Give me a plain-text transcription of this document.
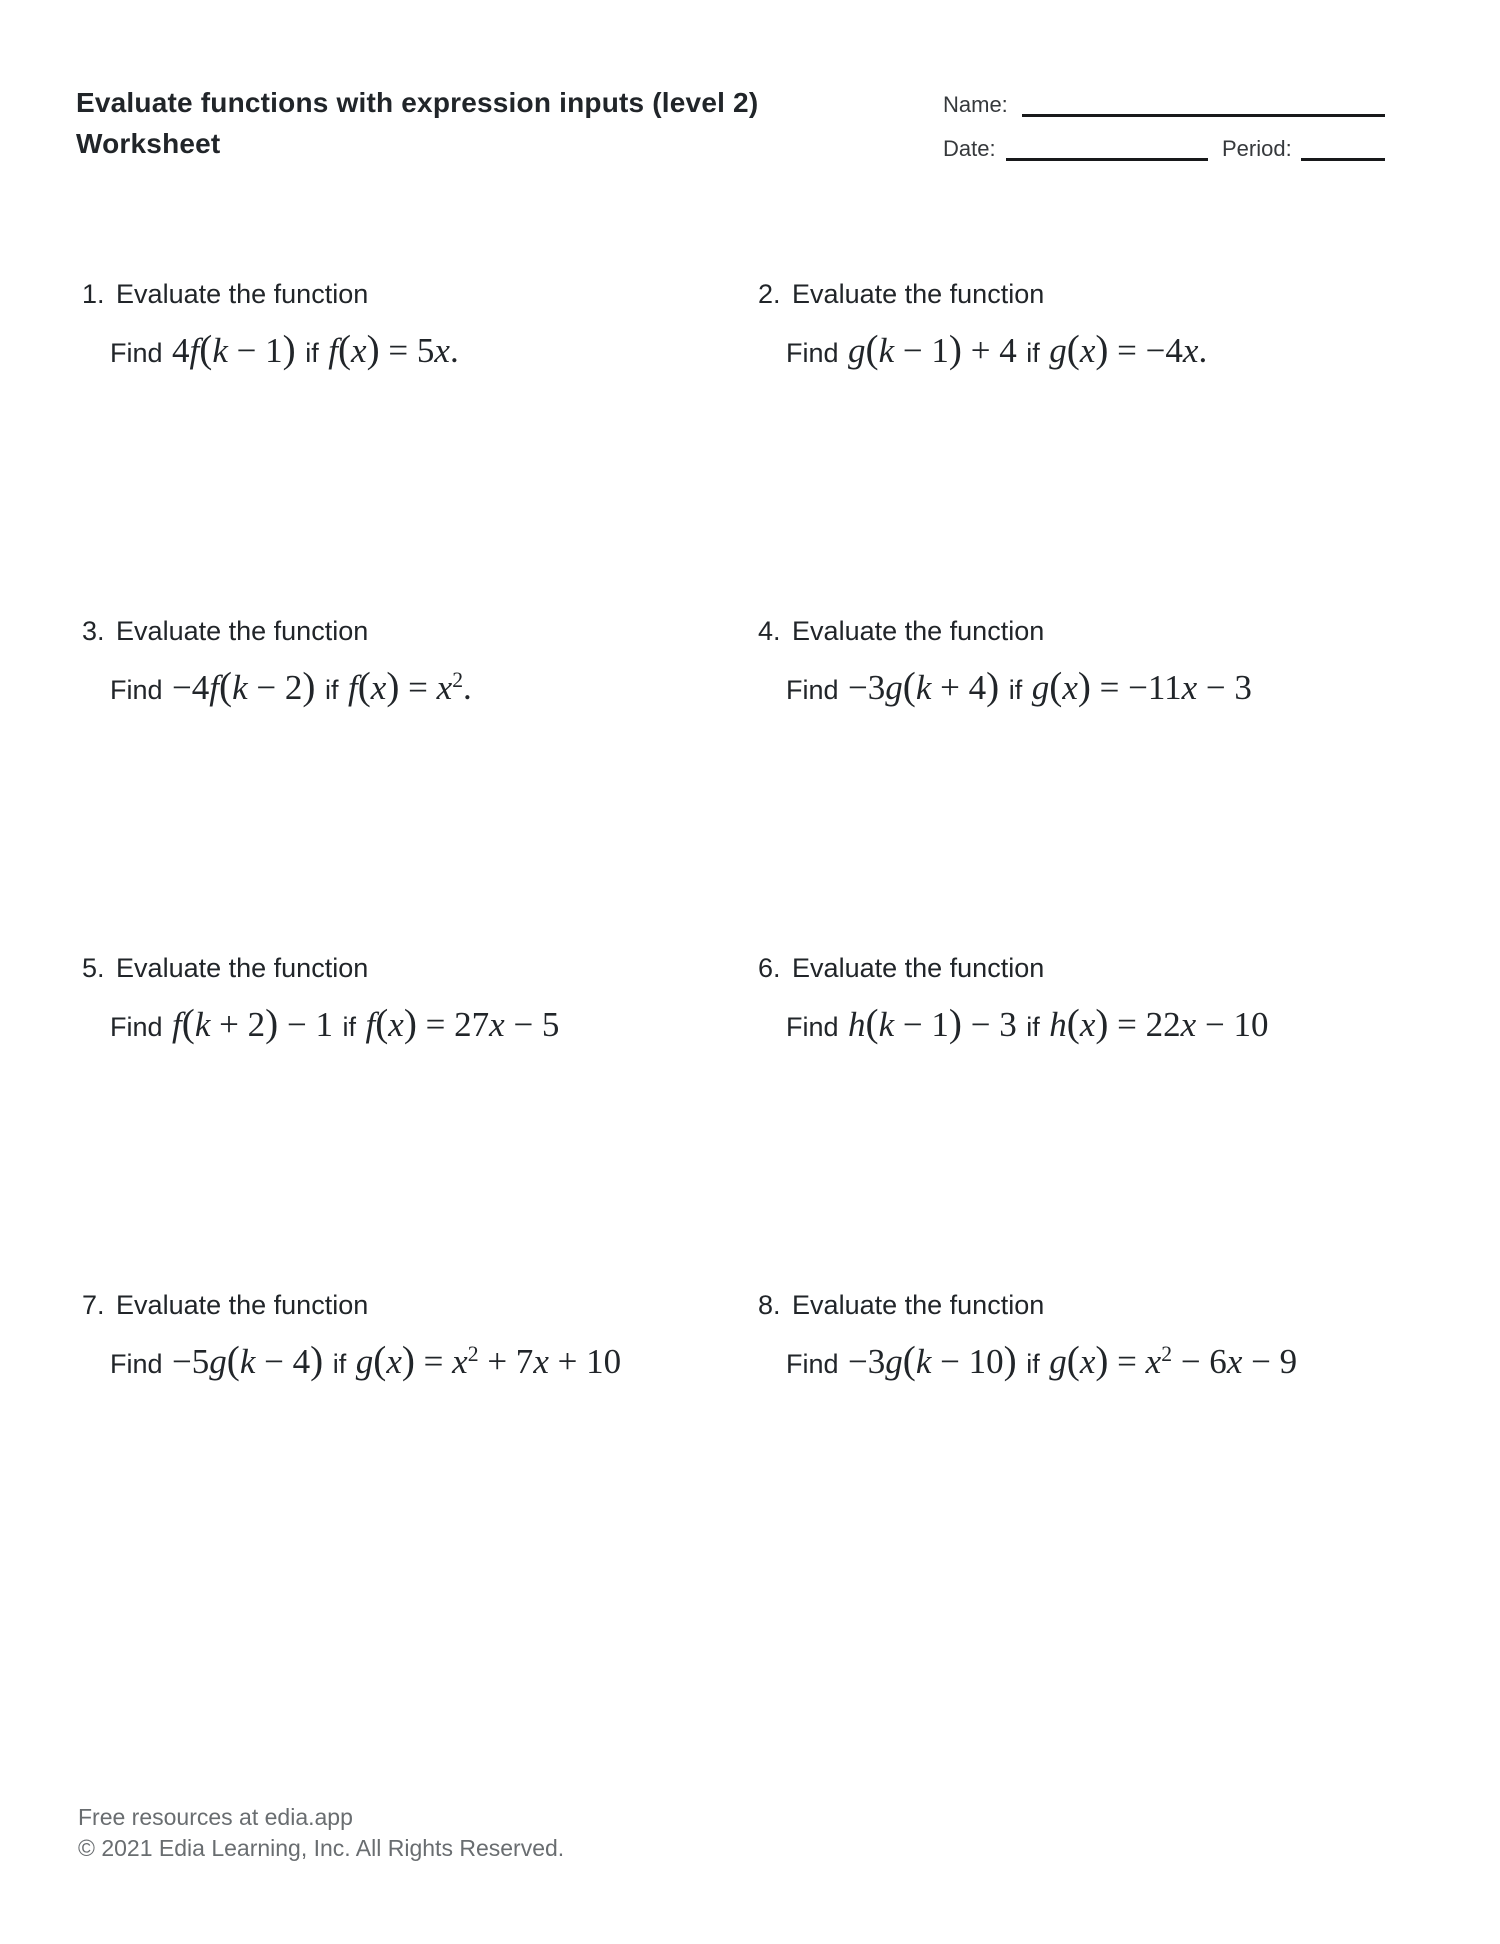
Evaluate functions with expression inputs (level 2)
Worksheet
Name:
Date:	Period:
1. Evaluate the function
Find 4f(k − 1) if f(x) = 5x.
2. Evaluate the function
Find g(k − 1) + 4 if g(x) = −4x.
3. Evaluate the function
Find −4f(k − 2) if $f(x) = x^2$.
4. Evaluate the function
Find −3g(k + 4) if g(x) = −11x − 3
5. Evaluate the function
Find f(k + 2) − 1 if f(x) = 27x − 5
6. Evaluate the function
Find h(k − 1) − 3 if h(x) = 22x − 10
7. Evaluate the function
Find −5g(k − 4) if $g(x) = x^2 + 7x + 10$
8. Evaluate the function
Find −3g(k − 10) if $g(x) = x^2 - 6x - 9$
Free resources at edia.app
© 2021 Edia Learning, Inc. All Rights Reserved.
